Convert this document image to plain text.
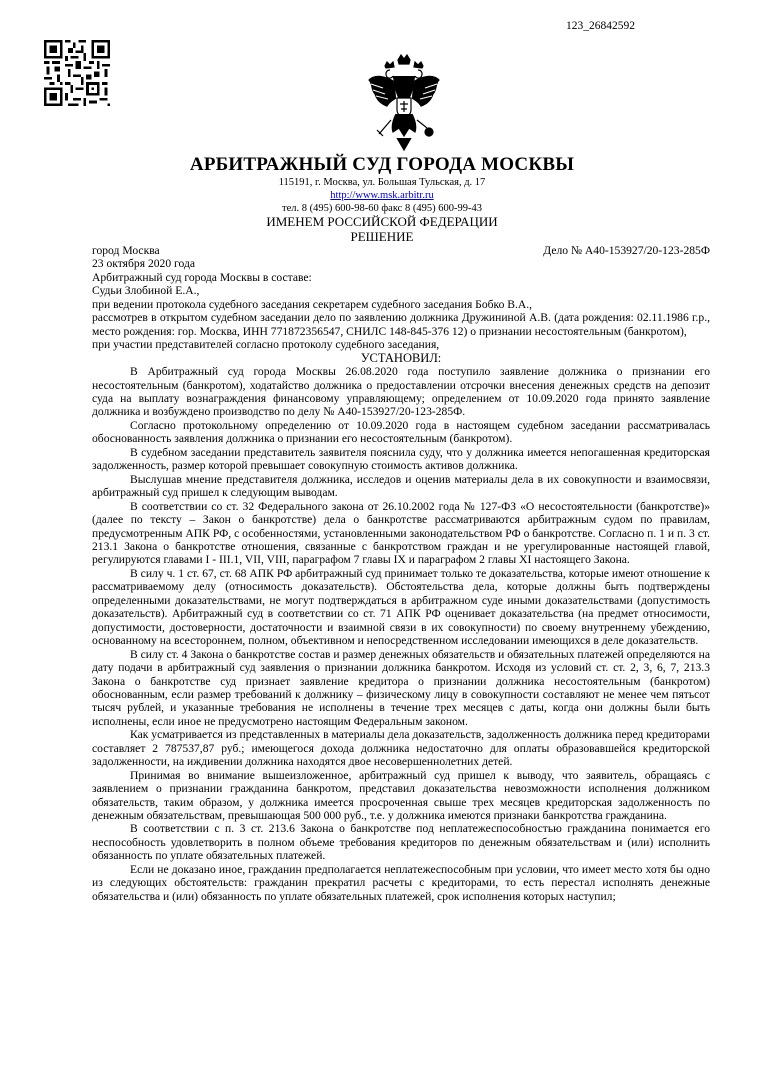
123_26842592
АРБИТРАЖНЫЙ СУД ГОРОДА МОСКВЫ
115191, г. Москва, ул. Большая Тульская, д. 17
http://www.msk.arbitr.ru
тел. 8 (495) 600-98-60 факс 8 (495) 600-99-43
ИМЕНЕМ РОССИЙСКОЙ ФЕДЕРАЦИИ
РЕШЕНИЕ
город Москва	Дело № А40-153927/20-123-285Ф

23 октября 2020 года

Арбитражный суд города Москвы в составе:

Судьи Злобиной Е.А.,

при ведении протокола судебного заседания секретарем судебного заседания Бобко В.А.,

рассмотрев в открытом судебном заседании дело по заявлению должника Дружининой А.В. (дата рождения: 02.11.1986 г.р., место рождения: гор. Москва, ИНН 771872356547, СНИЛС 148-845-376 12) о признании несостоятельным (банкротом),

при участии представителей согласно протоколу судебного заседания,

УСТАНОВИЛ:

В Арбитражный суд города Москвы 26.08.2020 года поступило заявление должника о признании его несостоятельным (банкротом), ходатайство должника о предоставлении отсрочки внесения денежных средств на депозит суда на выплату вознаграждения финансовому управляющему; определением от 10.09.2020 года принято заявление должника и возбуждено производство по делу № А40-153927/20-123-285Ф.

Согласно протокольному определению от 10.09.2020 года в настоящем судебном заседании рассматривалась обоснованность заявления должника о признании его несостоятельным (банкротом).

В судебном заседании представитель заявителя пояснила суду, что у должника имеется непогашенная кредиторская задолженность, размер которой превышает совокупную стоимость активов должника.

Выслушав мнение представителя должника, исследов и оценив материалы дела в их совокупности и взаимосвязи, арбитражный суд пришел к следующим выводам.

В соответствии со ст. 32 Федерального закона от 26.10.2002 года № 127-ФЗ «О несостоятельности (банкротстве)» (далее по тексту – Закон о банкротстве) дела о банкротстве рассматриваются арбитражным судом по правилам, предусмотренным АПК РФ, с особенностями, установленными законодательством РФ о банкротстве. Согласно п. 1 и п. 3 ст. 213.1 Закона о банкротстве отношения, связанные с банкротством граждан и не урегулированные настоящей главой, регулируются главами I - III.1, VII, VIII, параграфом 7 главы IX и параграфом 2 главы XI настоящего Закона.

В силу ч. 1 ст. 67, ст. 68 АПК РФ арбитражный суд принимает только те доказательства, которые имеют отношение к рассматриваемому делу (относимость доказательств). Обстоятельства дела, которые должны быть подтверждены определенными доказательствами, не могут подтверждаться в арбитражном суде иными доказательствами (допустимость доказательств). Арбитражный суд в соответствии со ст. 71 АПК РФ оценивает доказательства (на предмет относимости, допустимости, достоверности, достаточности и взаимной связи в их совокупности) по своему внутреннему убеждению, основанному на всестороннем, полном, объективном и непосредственном исследовании имеющихся в деле доказательств.

В силу ст. 4 Закона о банкротстве состав и размер денежных обязательств и обязательных платежей определяются на дату подачи в арбитражный суд заявления о признании должника банкротом. Исходя из условий ст. ст. 2, 3, 6, 7, 213.3 Закона о банкротстве суд признает заявление кредитора о признании должника несостоятельным (банкротом) обоснованным, если размер требований к должнику – физическому лицу в совокупности составляют не менее чем пятьсот тысяч рублей, и указанные требования не исполнены в течение трех месяцев с даты, когда они должны были быть исполнены, если иное не предусмотрено настоящим Федеральным законом.

Как усматривается из представленных в материалы дела доказательств, задолженность должника перед кредиторами составляет 2 787537,87 руб.; имеющегося дохода должника недостаточно для оплаты образовавшейся кредиторской задолженности, на иждивении должника находятся двое несовершеннолетних детей.

Принимая во внимание вышеизложенное, арбитражный суд пришел к выводу, что заявитель, обращаясь с заявлением о признании гражданина банкротом, представил доказательства невозможности исполнения должником обязательств, таким образом, у должника имеется просроченная свыше трех месяцев кредиторская задолженность по денежным обязательствам, превышающая 500 000 руб., т.е. у должника имеются признаки банкротства гражданина.

В соответствии с п. 3 ст. 213.6 Закона о банкротстве под неплатежеспособностью гражданина понимается его неспособность удовлетворить в полном объеме требования кредиторов по денежным обязательствам и (или) исполнить обязанность по уплате обязательных платежей.

Если не доказано иное, гражданин предполагается неплатежеспособным при условии, что имеет место хотя бы одно из следующих обстоятельств: гражданин прекратил расчеты с кредиторами, то есть перестал исполнять денежные обязательства и (или) обязанность по уплате обязательных платежей, срок исполнения которых наступил;
